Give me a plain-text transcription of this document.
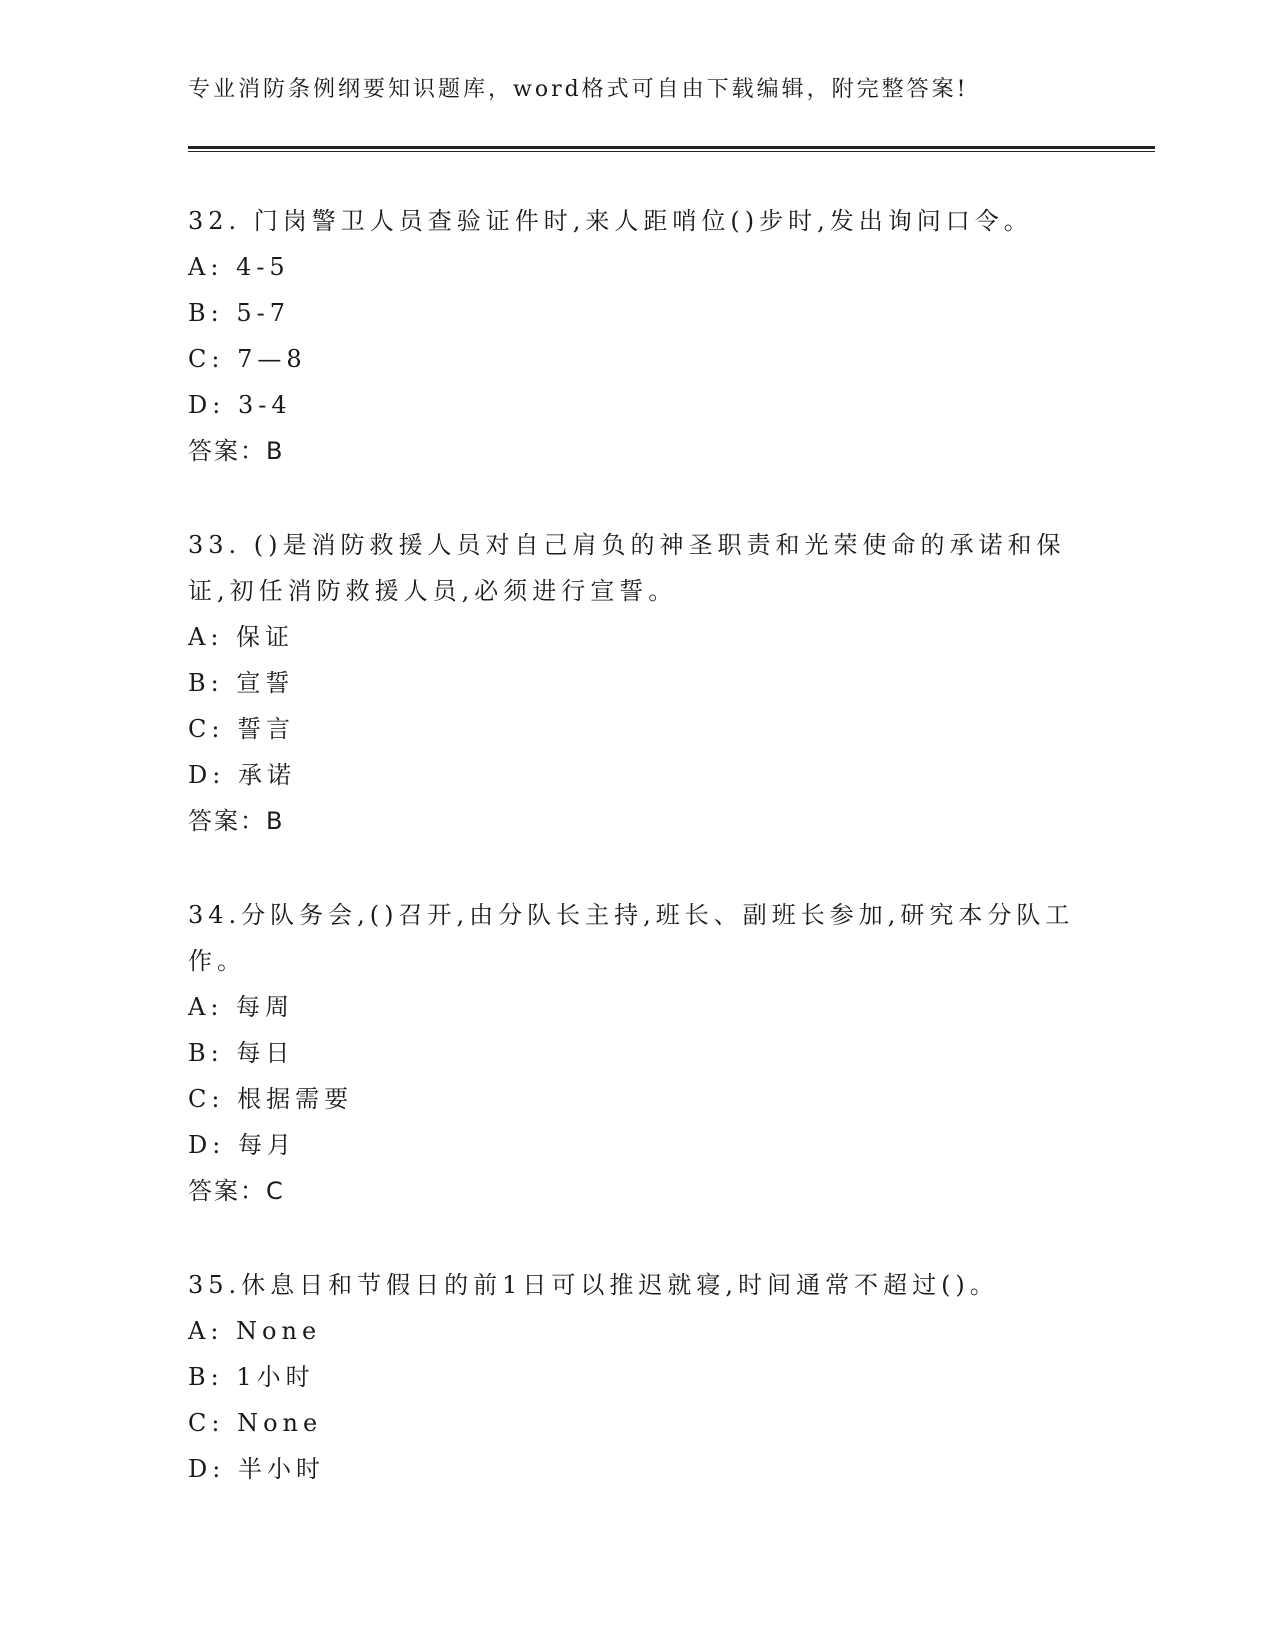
专业消防条例纲要知识题库，word格式可自由下载编辑，附完整答案!
32. 门岗警卫人员查验证件时,来人距哨位()步时,发出询问口令。
A: 4-5
B: 5-7
C: 7—8
D: 3-4
答案：B
33. ()是消防救援人员对自己肩负的神圣职责和光荣使命的承诺和保
证,初任消防救援人员,必须进行宣誓。
A: 保证
B: 宣誓
C: 誓言
D: 承诺
答案：B
34.分队务会,()召开,由分队长主持,班长、副班长参加,研究本分队工
作。
A: 每周
B: 每日
C: 根据需要
D: 每月
答案：C
35.休息日和节假日的前1日可以推迟就寝,时间通常不超过()。
A: None
B: 1小时
C: None
D: 半小时
